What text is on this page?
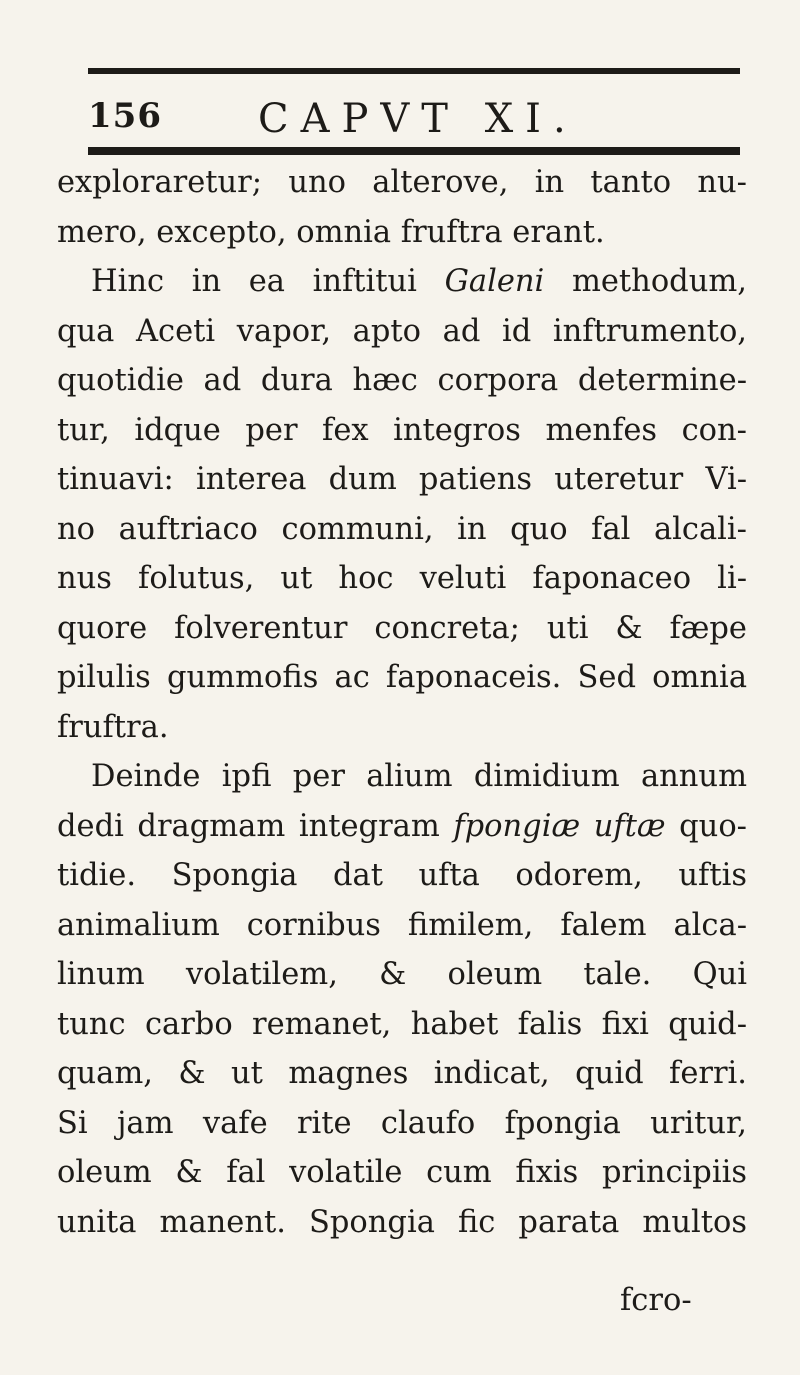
156 CAPVT XI.
exploraretur; uno alterove, in tanto nu-
mero, excepto, omnia fruftra erant.
Hinc in ea inftitui Galeni methodum,
qua Aceti vapor, apto ad id inftrumento,
quotidie ad dura hæc corpora determine-
tur, idque per fex integros menfes con-
tinuavi: interea dum patiens uteretur Vi-
no auftriaco communi, in quo fal alcali-
nus folutus, ut hoc veluti faponaceo li-
quore folverentur concreta; uti & fæpe
pilulis gummofis ac faponaceis. Sed omnia
fruftra.
Deinde ipfi per alium dimidium annum
dedi dragmam integram fpongiæ uftæ quo-
tidie. Spongia dat ufta odorem, uftis
animalium cornibus fimilem, falem alca-
linum volatilem, & oleum tale. Qui
tunc carbo remanet, habet falis fixi quid-
quam, & ut magnes indicat, quid ferri.
Si jam vafe rite claufo fpongia uritur,
oleum & fal volatile cum fixis principiis
unita manent. Spongia fic parata multos
fcro-
